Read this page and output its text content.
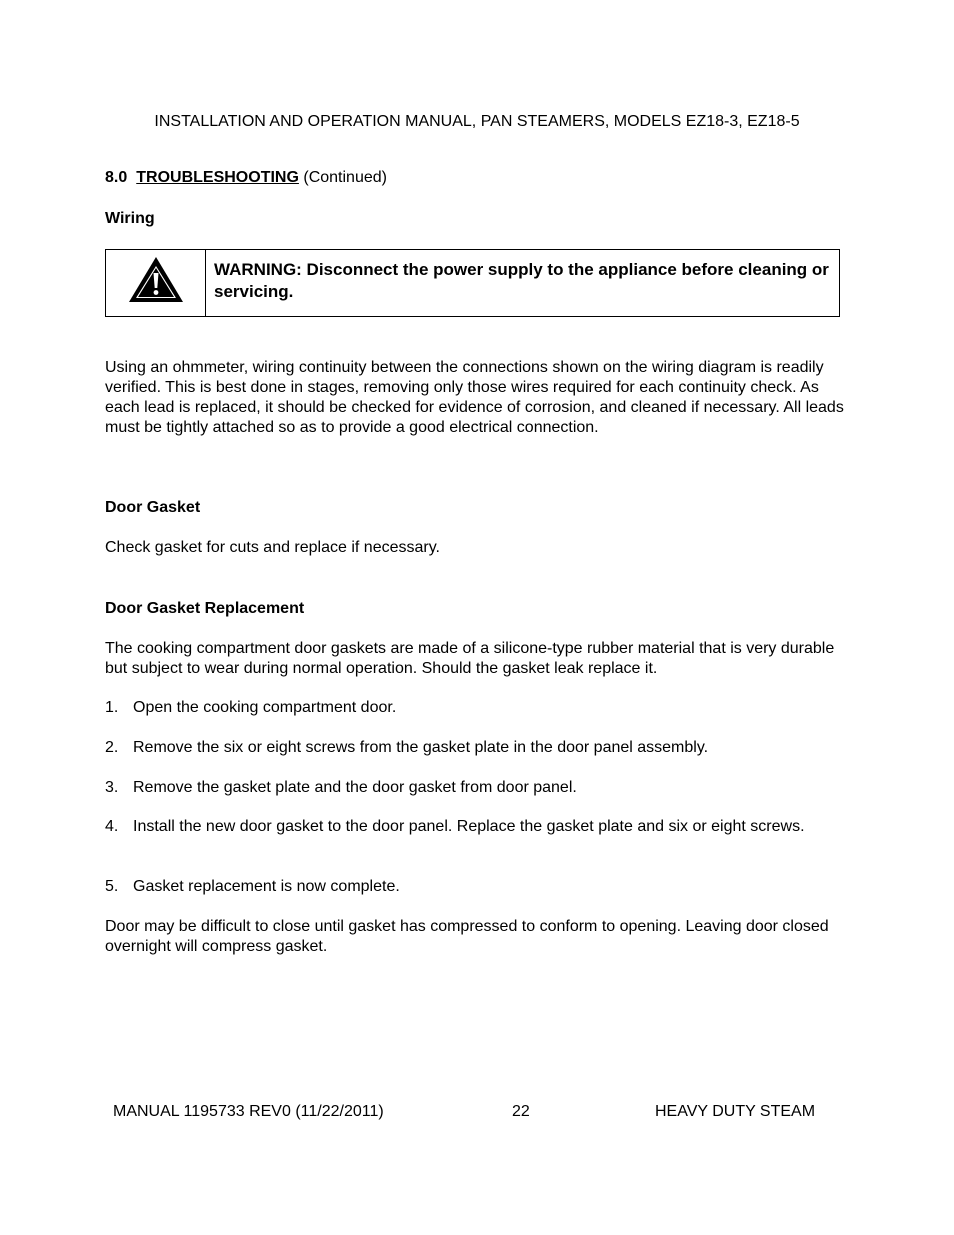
INSTALLATION AND OPERATION MANUAL, PAN STEAMERS, MODELS EZ18-3, EZ18-5
8.0 TROUBLESHOOTING (Continued)
Wiring
WARNING: Disconnect the power supply to the appliance before cleaning or servicing.
Using an ohmmeter, wiring continuity between the connections shown on the wiring diagram is readily verified. This is best done in stages, removing only those wires required for each continuity check. As each lead is replaced, it should be checked for evidence of corrosion, and cleaned if necessary. All leads must be tightly attached so as to provide a good electrical connection.
Door Gasket
Check gasket for cuts and replace if necessary.
Door Gasket Replacement
The cooking compartment door gaskets are made of a silicone-type rubber material that is very durable but subject to wear during normal operation. Should the gasket leak replace it.
1. Open the cooking compartment door.
2. Remove the six or eight screws from the gasket plate in the door panel assembly.
3. Remove the gasket plate and the door gasket from door panel.
4. Install the new door gasket to the door panel. Replace the gasket plate and six or eight screws.
5. Gasket replacement is now complete.
Door may be difficult to close until gasket has compressed to conform to opening. Leaving door closed overnight will compress gasket.
MANUAL 1195733 REV0 (11/22/2011)	22	HEAVY DUTY STEAM
